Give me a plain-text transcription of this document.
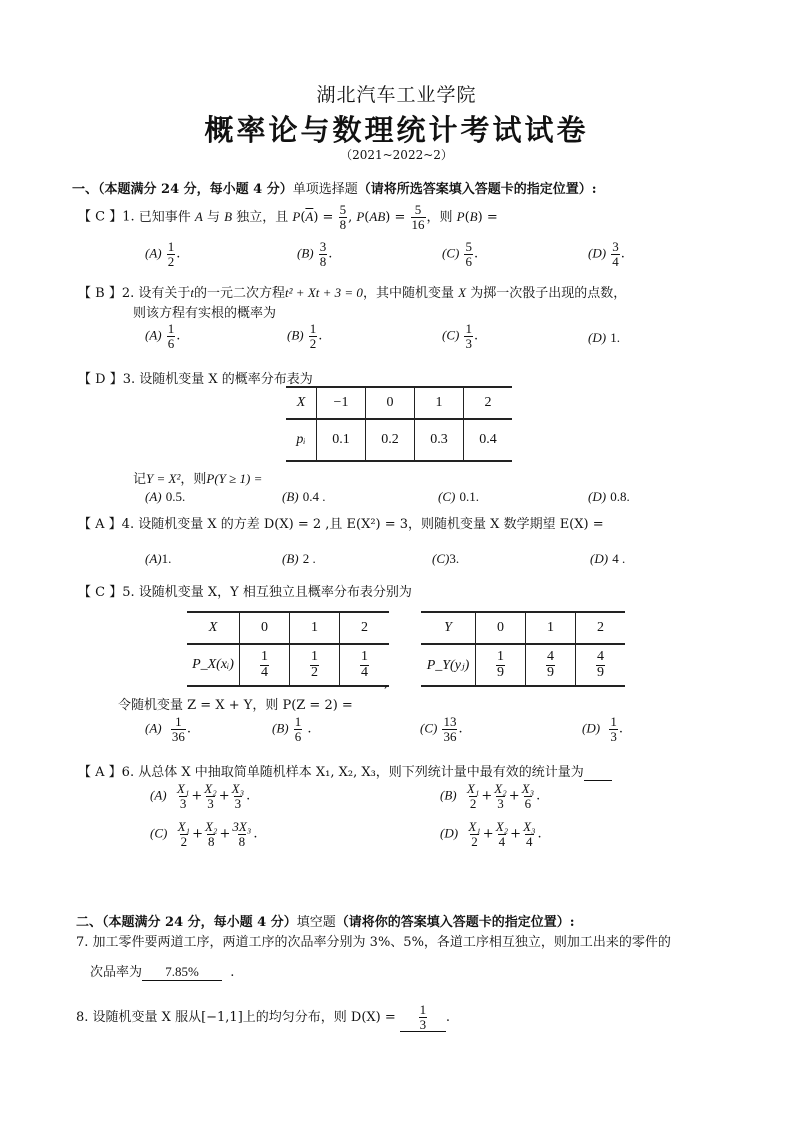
湖北汽车工业学院
概率论与数理统计考试试卷
（2021~2022~2）
一、（本题满分 24 分，每小题 4 分）单项选择题（请将所选答案填入答题卡的指定位置）:
【 C 】1. 已知事件 A 与 B 独立，且 $P(\overline{A}) = \frac{5}{8}$ , $P(AB) = \frac{5}{16}$ ，则 P(B) =
$(A) \frac{1}{2}$ .	$(B) \frac{3}{8}$ .	$(C) \frac{5}{6}$ .	$(D) \frac{3}{4}$ .
【 B 】2. 设有关于t的一元二次方程t² + Xt + 3 = 0，其中随机变量 X 为掷一次骰子出现的点数，
则该方程有实根的概率为
$(A) \frac{1}{6}$ .	$(B) \frac{1}{2}$ .	$(C) \frac{1}{3}$ .	(D) 1.
【 D 】3. 设随机变量 X 的概率分布表为
X	−1	0	1	2
pᵢ	0.1	0.2	0.3	0.4
记Y = X²，则P(Y ≥ 1) =
(A) 0.5.	(B) 0.4 .	(C) 0.1.	(D) 0.8.
【 A 】4. 设随机变量 X 的方差 D(X) = 2 ,且 E(X²) = 3，则随机变量 X 数学期望 E(X) =
(A)1.	(B) 2 .	(C)3.	(D) 4 .
【 C 】5. 设随机变量 X，Y 相互独立且概率分布表分别为
X	0	1	2
P_X(xᵢ)	$\frac{1}{4}$	$\frac{1}{2}$	$\frac{1}{4}$
,
Y	0	1	2
P_Y(yⱼ)	$\frac{1}{9}$	$\frac{4}{9}$	$\frac{4}{9}$
令随机变量 Z = X + Y，则 P(Z = 2) =
$(A) \frac{1}{36}$ .	$(B) \frac{1}{6}$ .	$(C) \frac{13}{36}$ .	$(D) \frac{1}{3}$ .
【 A 】6. 从总体 X 中抽取简单随机样本 X₁, X₂, X₃，则下列统计量中最有效的统计量为
$(A) \frac{\text{X₁}}{3} + \frac{\text{X₂}}{3} + \frac{\text{X₃}}{3}$ .	$(B) \frac{\text{X₁}}{2} + \frac{\text{X₂}}{3} + \frac{\text{X₃}}{6}$ .
$(C) \frac{\text{X₁}}{2} + \frac{\text{X₂}}{8} + \frac{\text{3X₃}}{8}$ .	$(D) \frac{\text{X₁}}{2} + \frac{\text{X₂}}{4} + \frac{\text{X₃}}{4}$ .
二、（本题满分 24 分，每小题 4 分）填空题（请将你的答案填入答题卡的指定位置）:
7. 加工零件要两道工序，两道工序的次品率分别为 3%、5%，各道工序相互独立，则加工出来的零件的
次品率为 7.85% .
8. 设随机变量 X 服从[−1,1]上的均匀分布，则 $D(X) = \frac{1}{3}$ .
